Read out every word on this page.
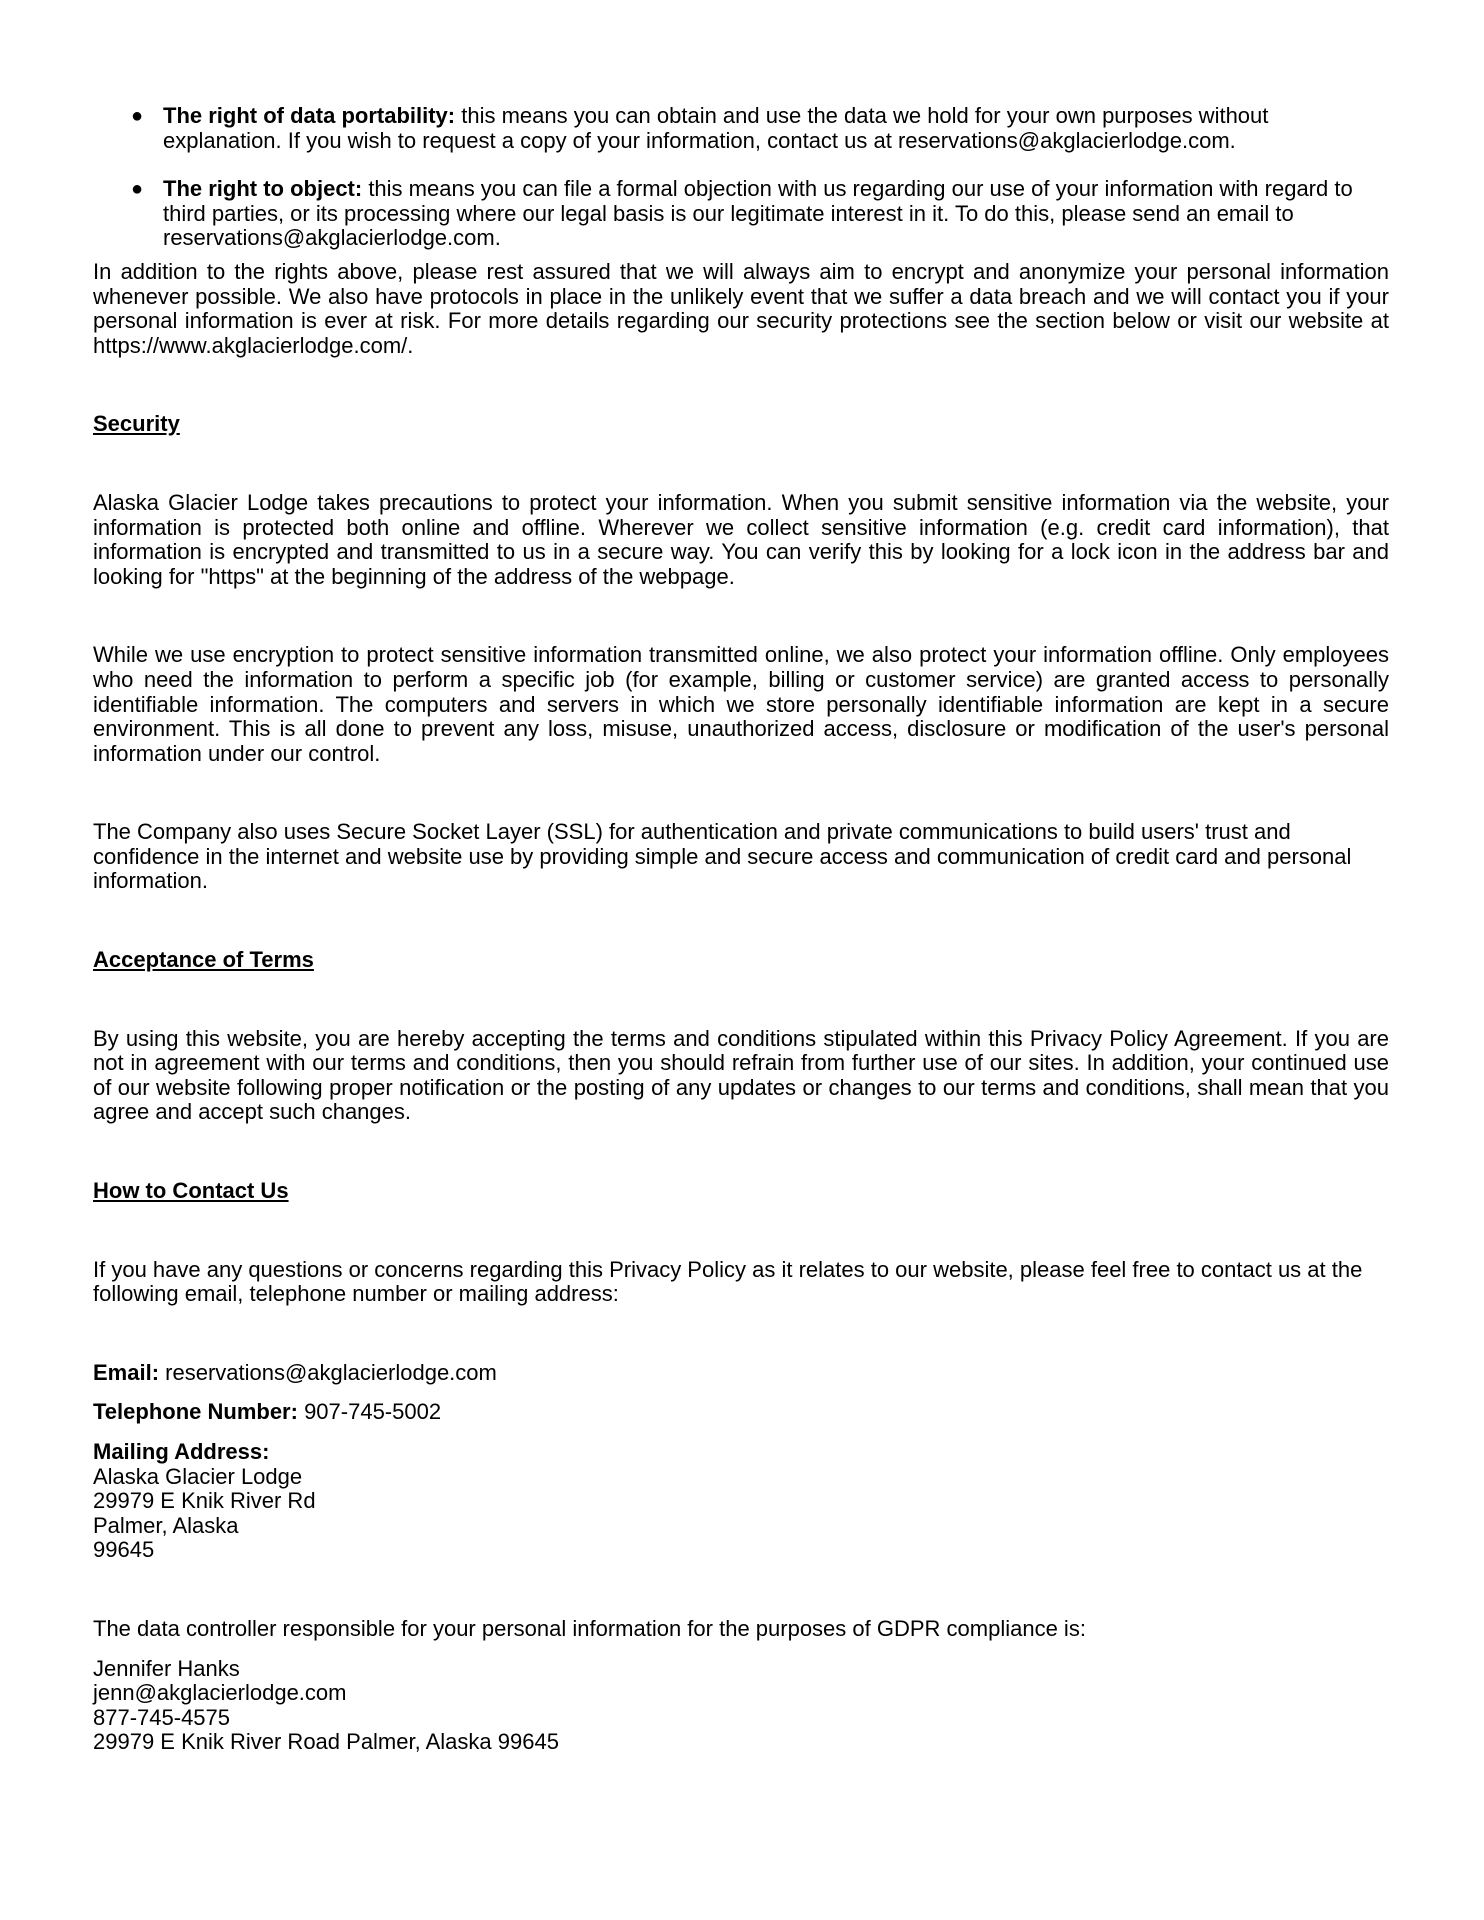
● The right of data portability: this means you can obtain and use the data we hold for your own purposes without explanation. If you wish to request a copy of your information, contact us at reservations@akglacierlodge.com.
● The right to object: this means you can file a formal objection with us regarding our use of your information with regard to third parties, or its processing where our legal basis is our legitimate interest in it. To do this, please send an email to reservations@akglacierlodge.com.

In addition to the rights above, please rest assured that we will always aim to encrypt and anonymize your personal information whenever possible. We also have protocols in place in the unlikely event that we suffer a data breach and we will contact you if your personal information is ever at risk. For more details regarding our security protections see the section below or visit our website at https://www.akglacierlodge.com/.

Security

Alaska Glacier Lodge takes precautions to protect your information. When you submit sensitive information via the website, your information is protected both online and offline. Wherever we collect sensitive information (e.g. credit card information), that information is encrypted and transmitted to us in a secure way. You can verify this by looking for a lock icon in the address bar and looking for "https" at the beginning of the address of the webpage.

While we use encryption to protect sensitive information transmitted online, we also protect your information offline. Only employees who need the information to perform a specific job (for example, billing or customer service) are granted access to personally identifiable information. The computers and servers in which we store personally identifiable information are kept in a secure environment. This is all done to prevent any loss, misuse, unauthorized access, disclosure or modification of the user's personal information under our control.

The Company also uses Secure Socket Layer (SSL) for authentication and private communications to build users' trust and confidence in the internet and website use by providing simple and secure access and communication of credit card and personal information.

Acceptance of Terms

By using this website, you are hereby accepting the terms and conditions stipulated within this Privacy Policy Agreement. If you are not in agreement with our terms and conditions, then you should refrain from further use of our sites. In addition, your continued use of our website following proper notification or the posting of any updates or changes to our terms and conditions, shall mean that you agree and accept such changes.

How to Contact Us

If you have any questions or concerns regarding this Privacy Policy as it relates to our website, please feel free to contact us at the following email, telephone number or mailing address:

Email: reservations@akglacierlodge.com
Telephone Number: 907-745-5002
Mailing Address:
Alaska Glacier Lodge
29979 E Knik River Rd
Palmer, Alaska
99645

The data controller responsible for your personal information for the purposes of GDPR compliance is:

Jennifer Hanks
jenn@akglacierlodge.com
877-745-4575
29979 E Knik River Road Palmer, Alaska 99645
